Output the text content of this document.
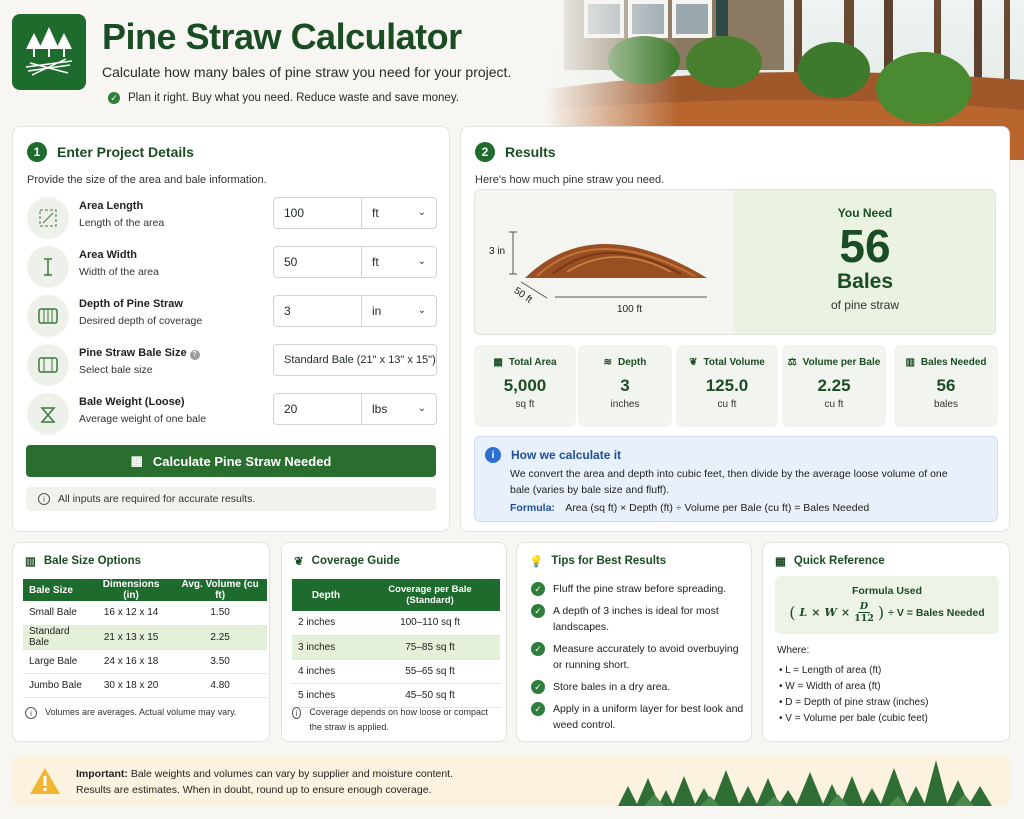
Pine Straw Calculator
Calculate how many bales of pine straw you need for your project.
✓ Plan it right. Buy what you need. Reduce waste and save money.
1	Enter Project Details
Provide the size of the area and bale information.
Area Length
Length of the area
100	ft	⌄
Area Width
Width of the area
50	ft	⌄
Depth of Pine Straw
Desired depth of coverage
3	in	⌄
Pine Straw Bale Size ?
Select bale size
Standard Bale (21" x 13" x 15")
Bale Weight (Loose)
Average weight of one bale
20	lbs	⌄
▦ Calculate Pine Straw Needed
i	All inputs are required for accurate results.
2	Results
Here's how much pine straw you need.
3 in
50 ft
100 ft
You Need
56
Bales
of pine straw
▦ Total Area
5,000
sq ft
≋ Depth
3
inches
❦ Total Volume
125.0
cu ft
⚖ Volume per Bale
2.25
cu ft
▥ Bales Needed
56
bales
i	How we calculate it
We convert the area and depth into cubic feet, then divide by the average loose volume of one bale (varies by bale size and fluff).
Formula: Area (sq ft) × Depth (ft) ÷ Volume per Bale (cu ft) = Bales Needed
▥ Bale Size Options
Bale Size	Dimensions (in)	Avg. Volume (cu ft)
Small Bale	16 x 12 x 14	1.50
Standard Bale	21 x 13 x 15	2.25
Large Bale	24 x 16 x 18	3.50
Jumbo Bale	30 x 18 x 20	4.80
i	Volumes are averages. Actual volume may vary.
❦ Coverage Guide
Depth	Coverage per Bale (Standard)
2 inches	100–110 sq ft
3 inches	75–85 sq ft
4 inches	55–65 sq ft
5 inches	45–50 sq ft
i	Coverage depends on how loose or compact the straw is applied.
💡 Tips for Best Results
✓	Fluff the pine straw before spreading.
✓	A depth of 3 inches is ideal for most landscapes.
✓	Measure accurately to avoid overbuying or running short.
✓	Store bales in a dry area.
✓	Apply in a uniform layer for best look and weed control.
▦ Quick Reference
Formula Used
( $L \times W \times \frac{D}{112}$ ) ÷ V = Bales Needed
Where:
• L = Length of area (ft)
• W = Width of area (ft)
• D = Depth of pine straw (inches)
• V = Volume per bale (cubic feet)
Important: Bale weights and volumes can vary by supplier and moisture content.
Results are estimates. When in doubt, round up to ensure enough coverage.
